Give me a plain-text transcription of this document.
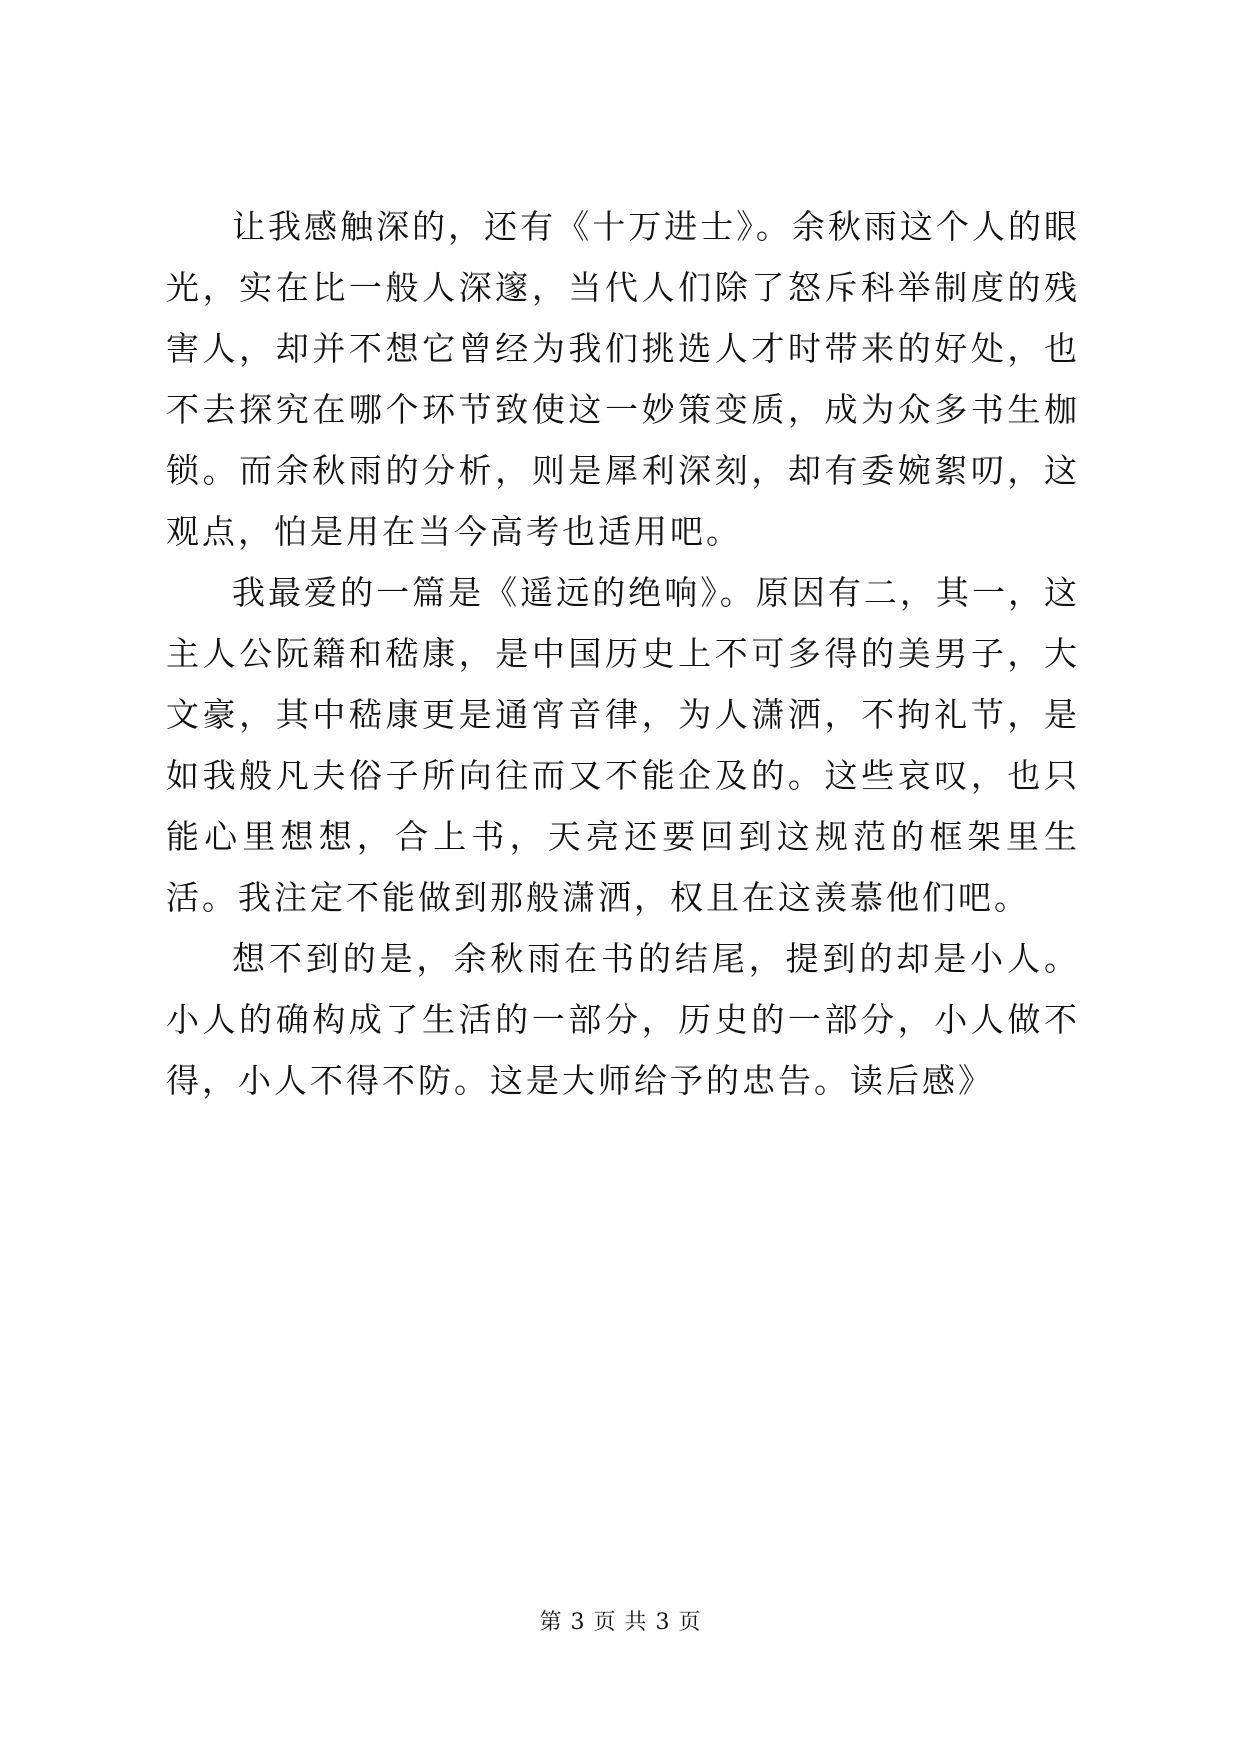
让我感触深的，还有《十万进士》。余秋雨这个人的眼光，实在比一般人深邃，当代人们除了怒斥科举制度的残害人，却并不想它曾经为我们挑选人才时带来的好处，也不去探究在哪个环节致使这一妙策变质，成为众多书生枷锁。而余秋雨的分析，则是犀利深刻，却有委婉絮叨，这观点，怕是用在当今高考也适用吧。

我最爱的一篇是《遥远的绝响》。原因有二，其一，这主人公阮籍和嵇康，是中国历史上不可多得的美男子，大文豪，其中嵇康更是通宵音律，为人潇洒，不拘礼节，是如我般凡夫俗子所向往而又不能企及的。这些哀叹，也只能心里想想，合上书，天亮还要回到这规范的框架里生活。我注定不能做到那般潇洒，权且在这羡慕他们吧。

想不到的是，余秋雨在书的结尾，提到的却是小人。小人的确构成了生活的一部分，历史的一部分，小人做不得，小人不得不防。这是大师给予的忠告。读后感》

第 3 页 共 3 页
